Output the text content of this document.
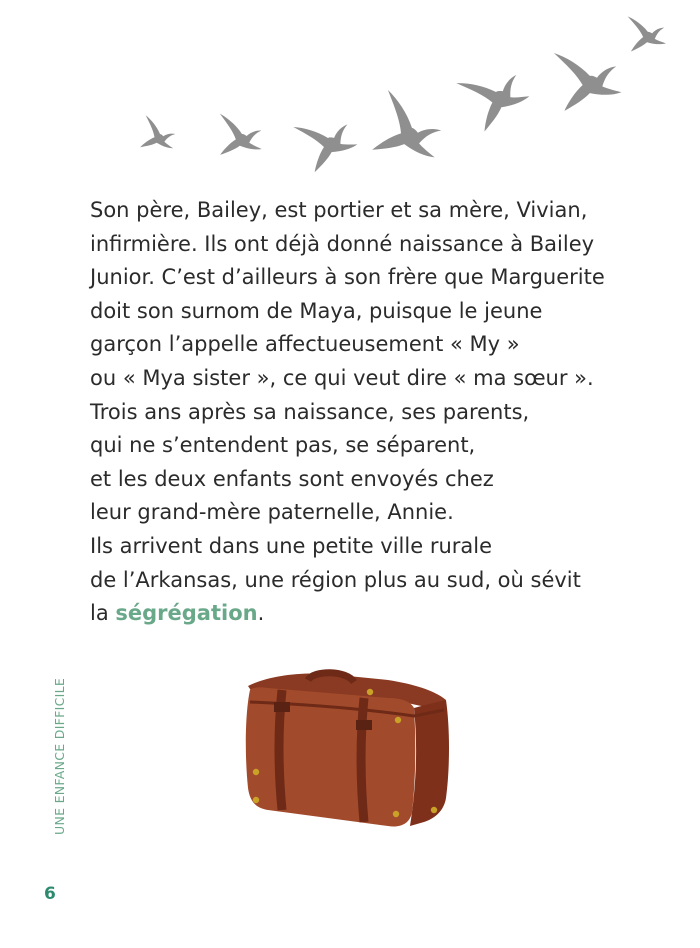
Son père, Bailey, est portier et sa mère, Vivian,
infirmière. Ils ont déjà donné naissance à Bailey
Junior. C’est d’ailleurs à son frère que Marguerite
doit son surnom de Maya, puisque le jeune
garçon l’appelle affectueusement « My »
ou « Mya sister », ce qui veut dire « ma sœur ».
Trois ans après sa naissance, ses parents,
qui ne s’entendent pas, se séparent,
et les deux enfants sont envoyés chez
leur grand-mère paternelle, Annie.
Ils arrivent dans une petite ville rurale
de l’Arkansas, une région plus au sud, où sévit
la ségrégation.
UNE ENFANCE DIFFICILE
6
